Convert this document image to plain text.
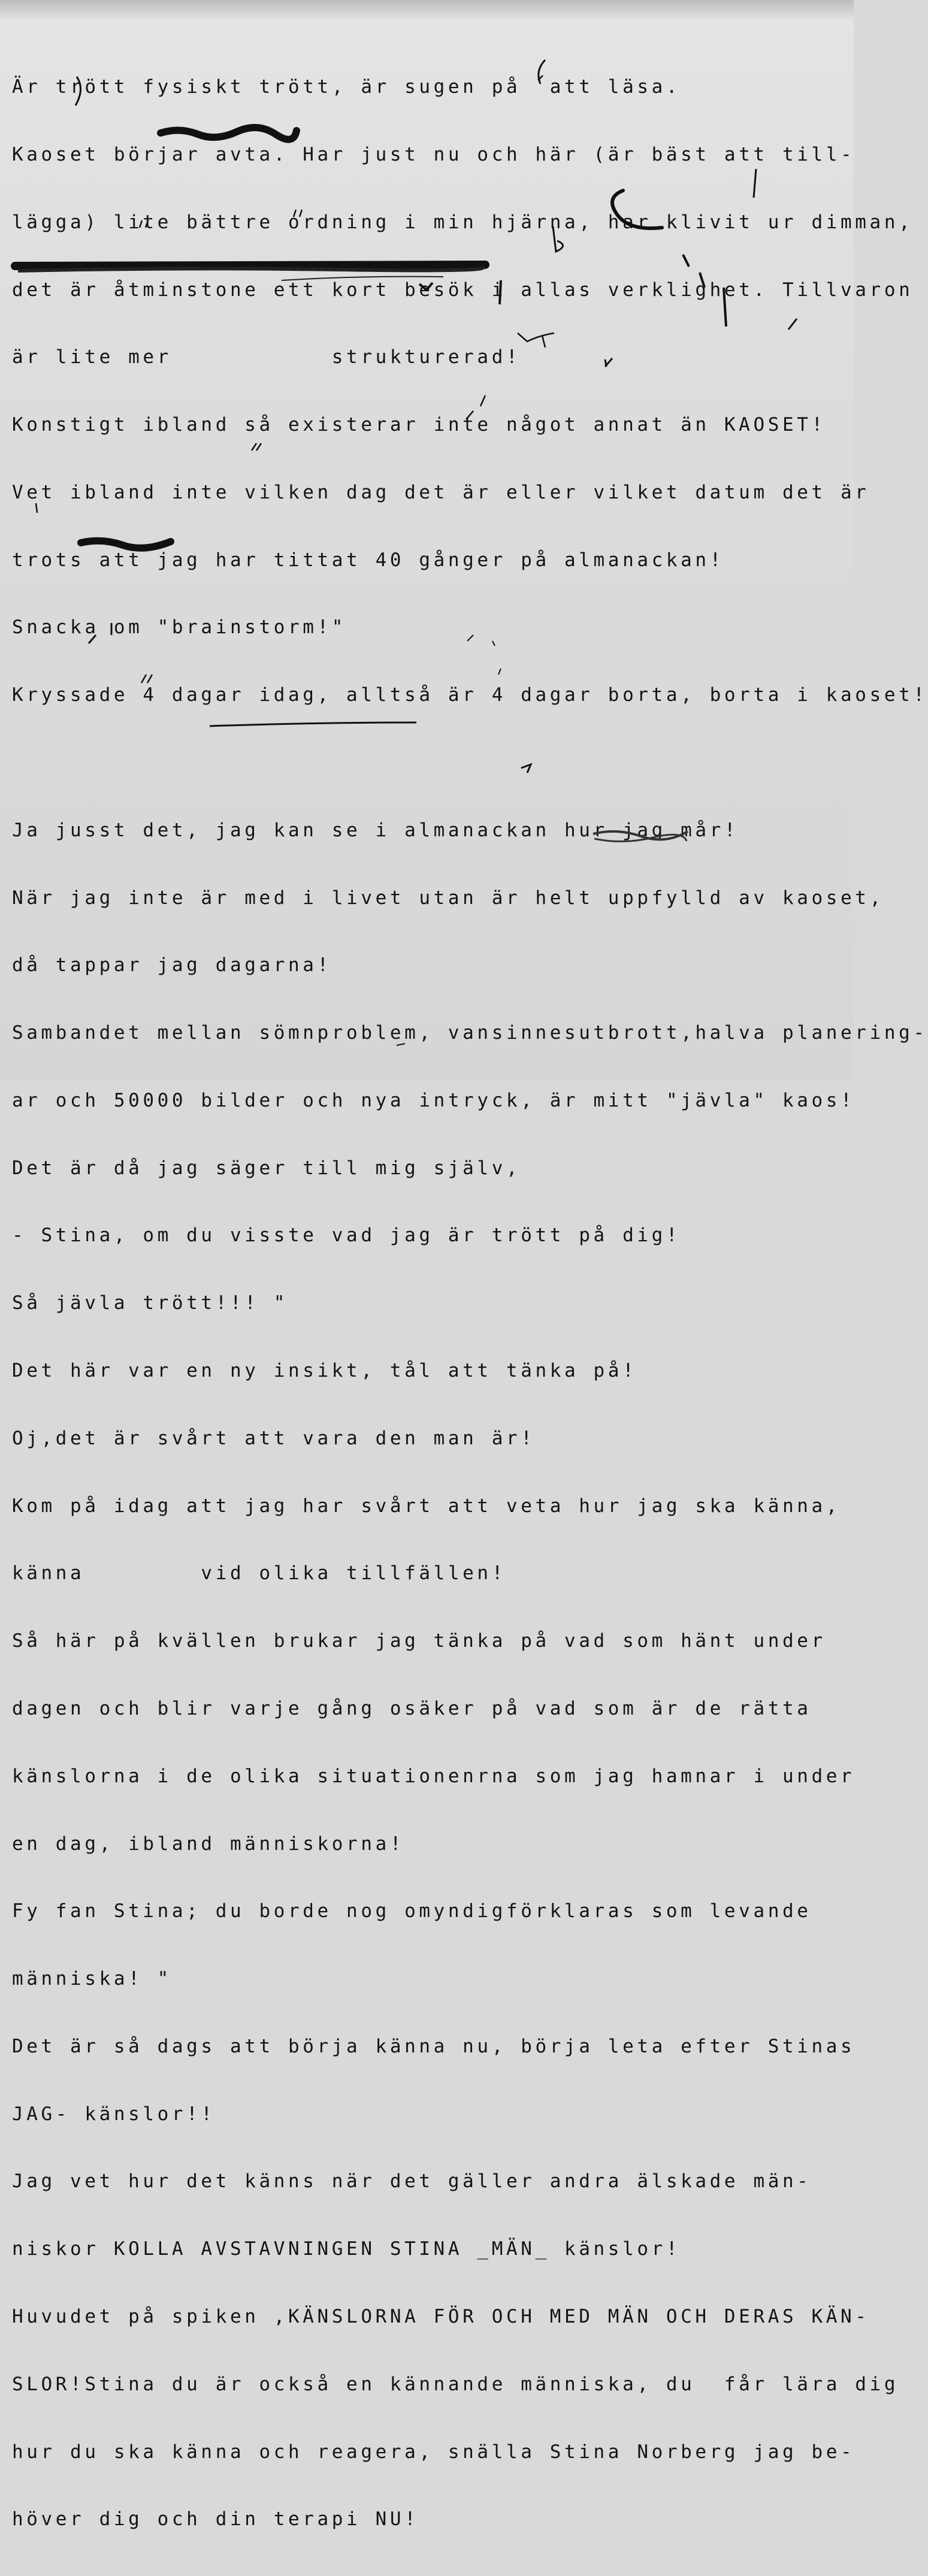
Är trött fysiskt trött, är sugen på  att läsa.

Kaoset börjar avta. Har just nu och här (är bäst att till-

lägga) lite bättre ordning i min hjärna, har klivit ur dimman,

det är åtminstone ett kort besök i allas verklighet. Tillvaron

är lite mer           strukturerad!

Konstigt ibland så existerar inte något annat än KAOSET!

Vet ibland inte vilken dag det är eller vilket datum det är

trots att jag har tittat 40 gånger på almanackan!

Snacka om "brainstorm!"

Kryssade 4 dagar idag, alltså är 4 dagar borta, borta i kaoset!

Ja jusst det, jag kan se i almanackan hur jag mår!

När jag inte är med i livet utan är helt uppfylld av kaoset,

då tappar jag dagarna!

Sambandet mellan sömnproblem, vansinnesutbrott,halva planering-

ar och 50000 bilder och nya intryck, är mitt "jävla" kaos!

Det är då jag säger till mig själv,

- Stina, om du visste vad jag är trött på dig!

Så jävla trött!!! "

Det här var en ny insikt, tål att tänka på!

Oj,det är svårt att vara den man är!

Kom på idag att jag har svårt att veta hur jag ska känna,

känna        vid olika tillfällen!

Så här på kvällen brukar jag tänka på vad som hänt under

dagen och blir varje gång osäker på vad som är de rätta

känslorna i de olika situationenrna som jag hamnar i under

en dag, ibland människorna!

Fy fan Stina; du borde nog omyndigförklaras som levande

människa! "

Det är så dags att börja känna nu, börja leta efter Stinas

JAG- känslor!!

Jag vet hur det känns när det gäller andra älskade män-

niskor KOLLA AVSTAVNINGEN STINA _MÄN_ känslor!

Huvudet på spiken ,KÄNSLORNA FÖR OCH MED MÄN OCH DERAS KÄN-

SLOR!Stina du är också en kännande människa, du  får lära dig

hur du ska känna och reagera, snälla Stina Norberg jag be-

höver dig och din terapi NU!
